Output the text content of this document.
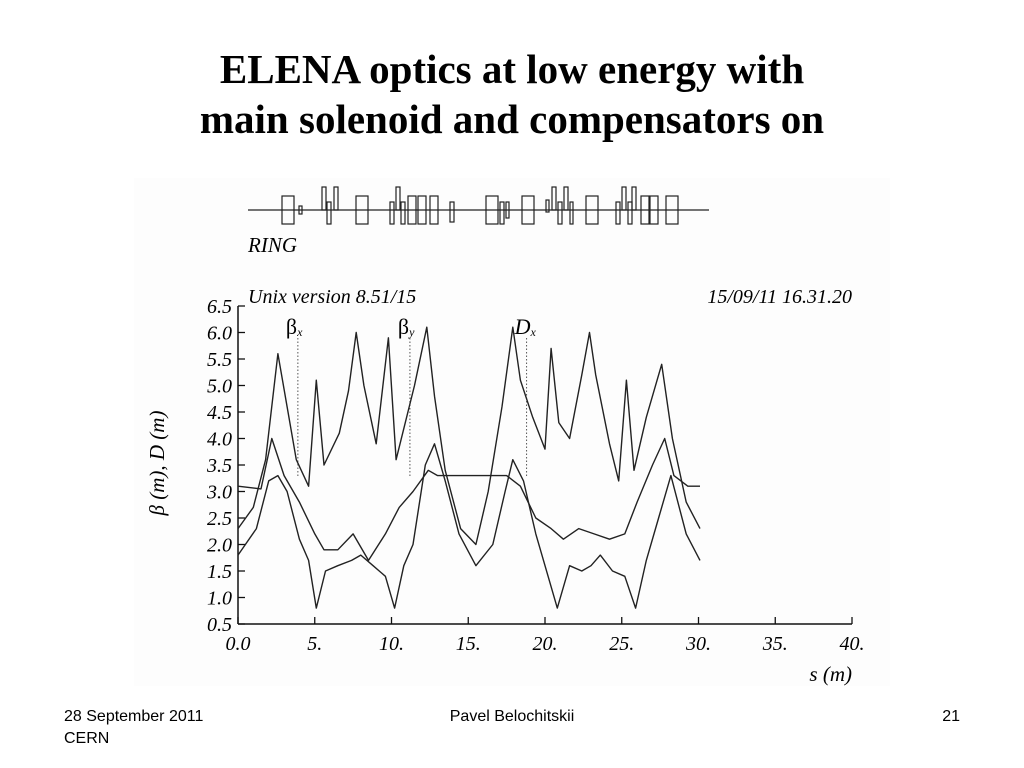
ELENA optics at low energy with
main solenoid and compensators on
RING
Unix version 8.51/15	15/09/11 16.31.20
0.5
1.0
1.5
2.0
2.5
3.0
3.5
4.0
4.5
5.0
5.5
6.0
6.5
0.0	5.	10.	15.	20.	25.	30.	35.	40.
β (m), D (m)
s (m)
βx	βy	Dx
28 September 2011
CERN
Pavel Belochitskii	21
